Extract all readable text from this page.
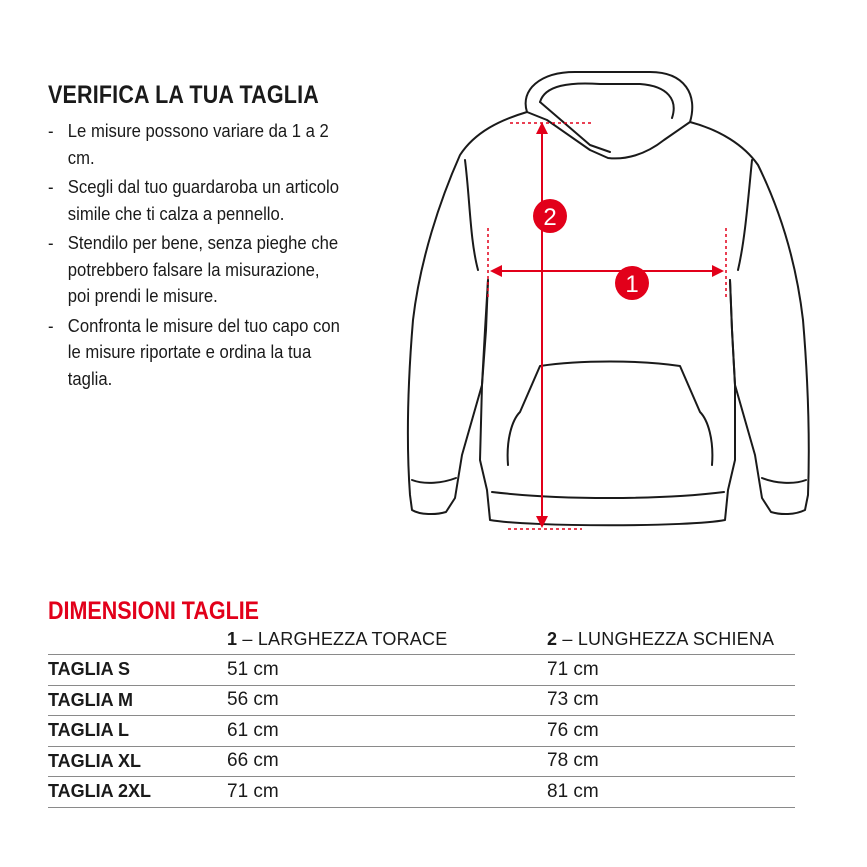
VERIFICA LA TUA TAGLIA
- Le misure possono variare da 1 a 2 cm.
- Scegli dal tuo guardaroba un articolo simile che ti calza a pennello.
- Stendilo per bene, senza pieghe che potrebbero falsare la misurazione, poi prendi le misure.
- Confronta le misure del tuo capo con le misure riportate e ordina la tua taglia.
1
2
DIMENSIONI TAGLIE
	1 – LARGHEZZA TORACE	2 – LUNGHEZZA SCHIENA
TAGLIA S	51 cm	71 cm
TAGLIA M	56 cm	73 cm
TAGLIA L	61 cm	76 cm
TAGLIA XL	66 cm	78 cm
TAGLIA 2XL	71 cm	81 cm
